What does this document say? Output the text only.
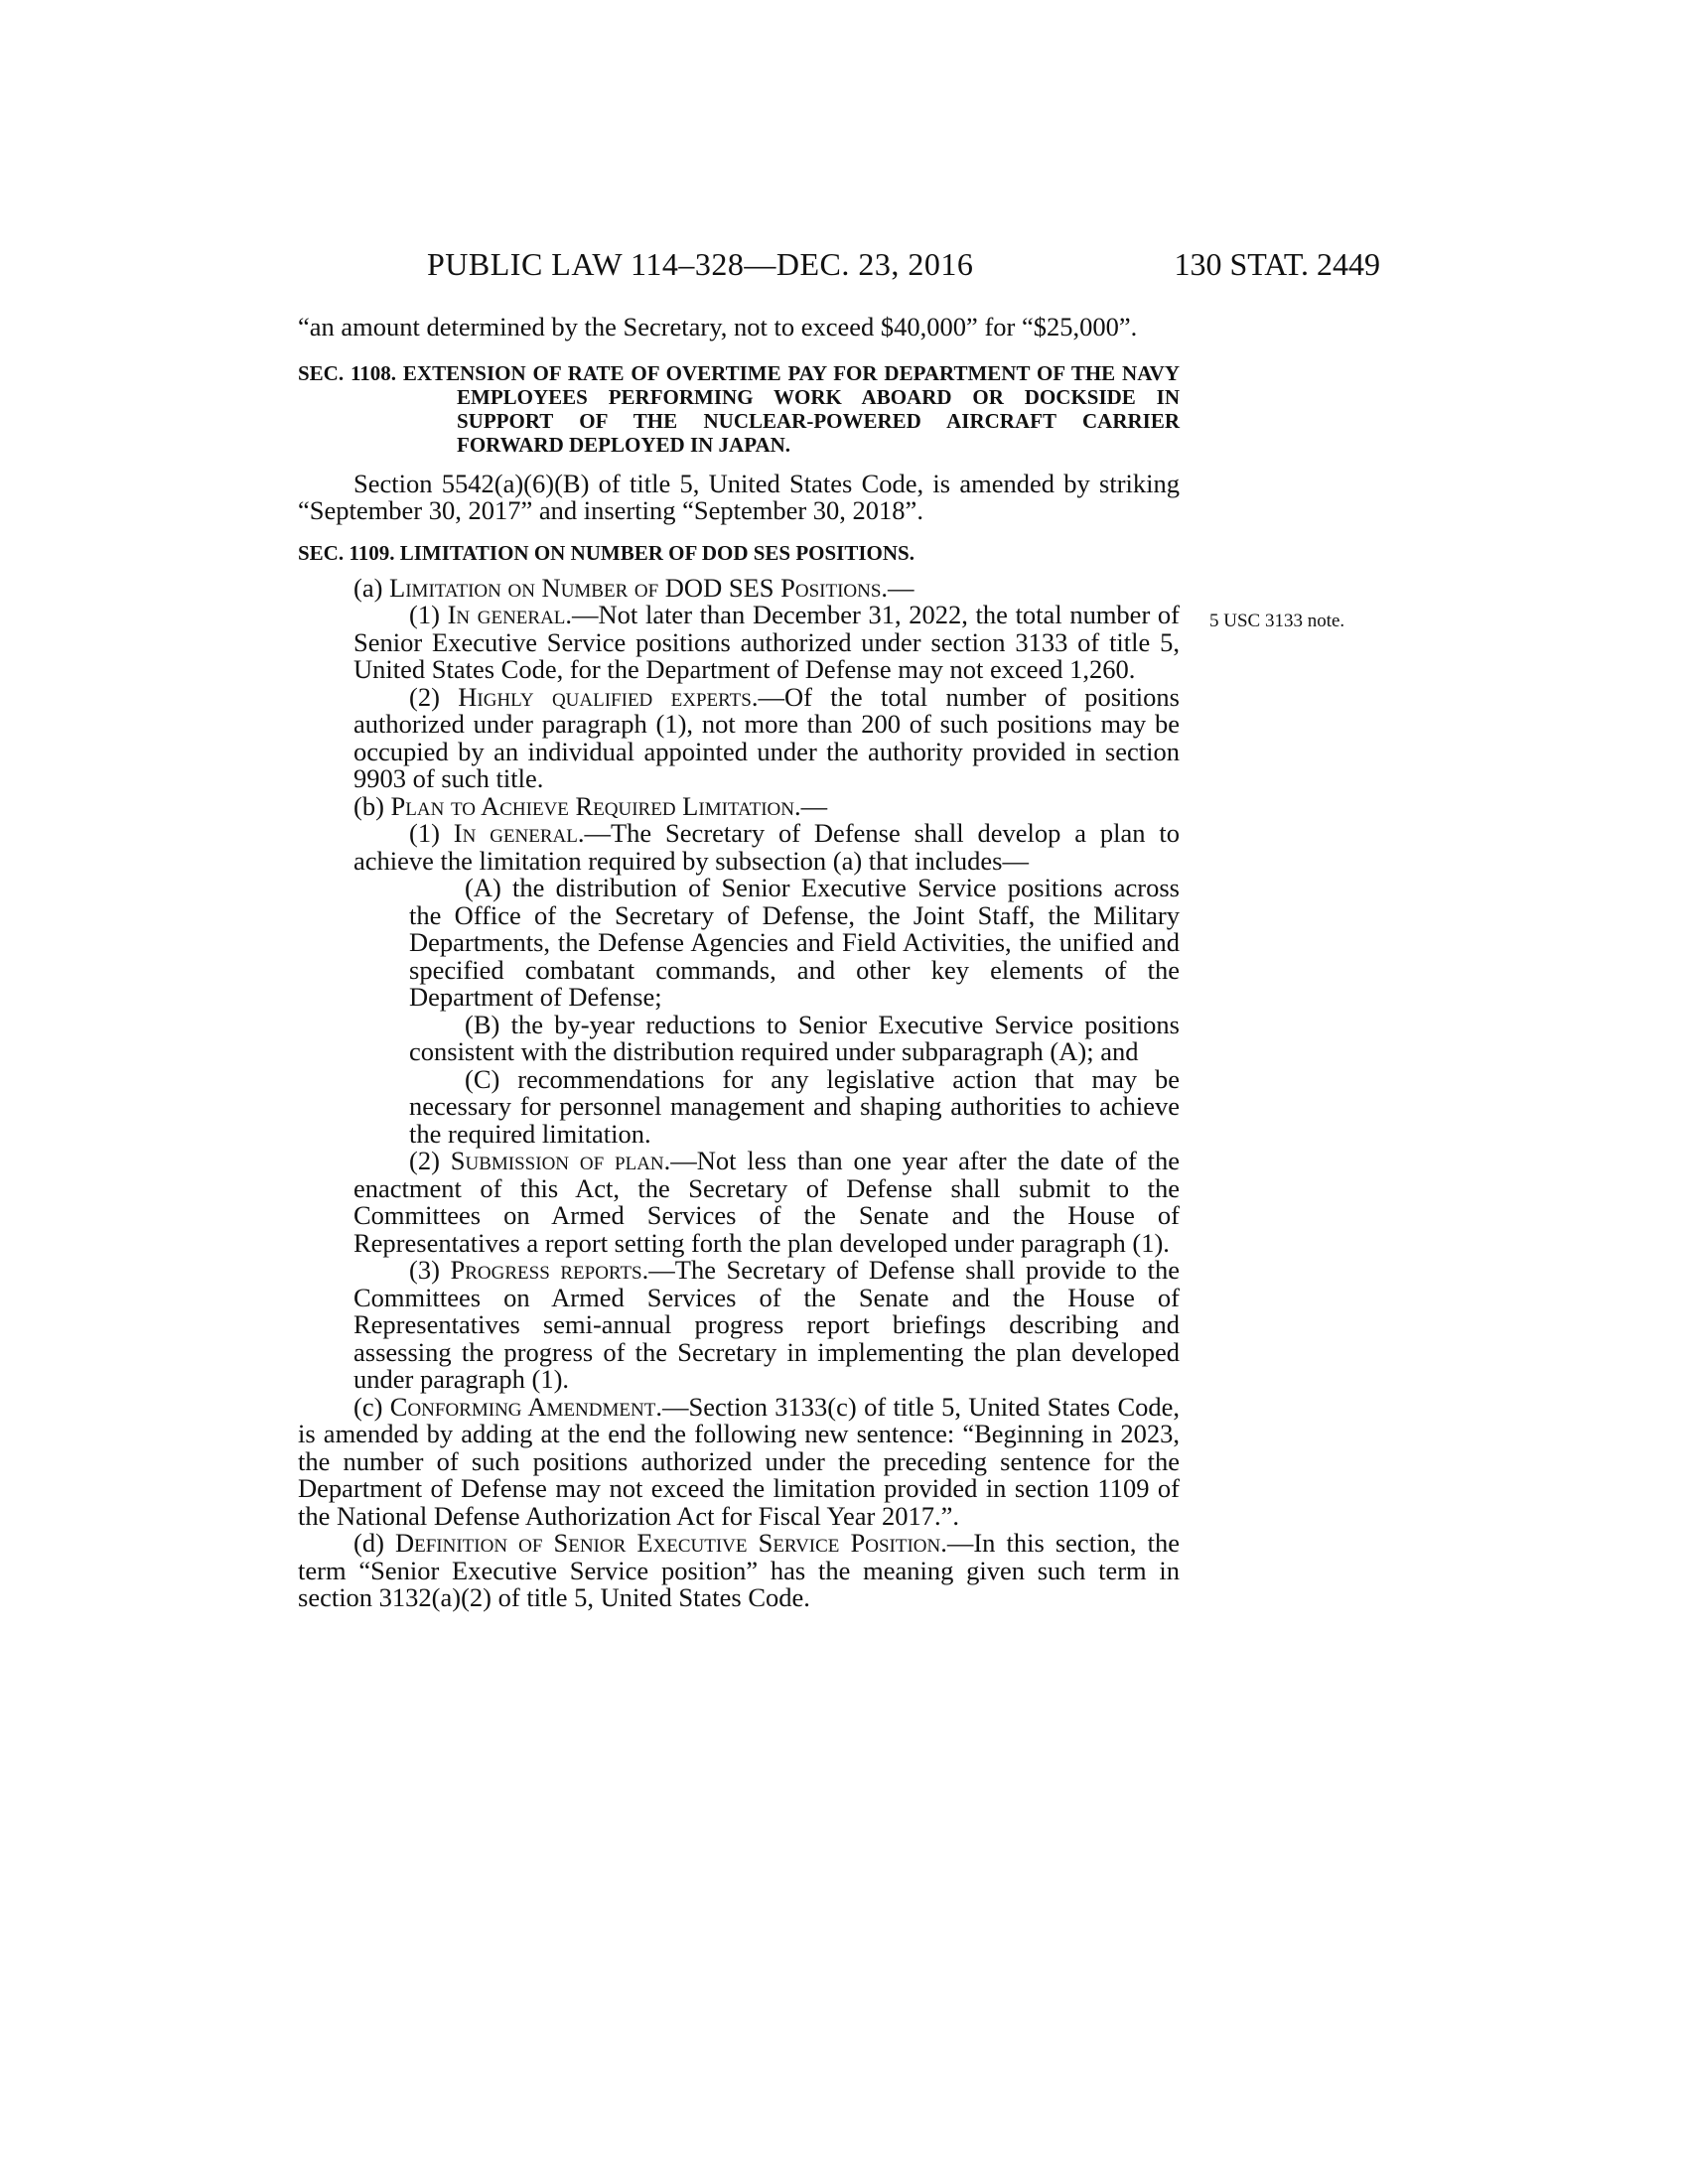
PUBLIC LAW 114–328—DEC. 23, 2016	130 STAT. 2449
5 USC 3133 note.

“an amount determined by the Secretary, not to exceed $40,000” for “$25,000”.

SEC. 1108. EXTENSION OF RATE OF OVERTIME PAY FOR DEPARTMENT OF THE NAVY EMPLOYEES PERFORMING WORK ABOARD OR DOCKSIDE IN SUPPORT OF THE NUCLEAR-POWERED AIRCRAFT CARRIER FORWARD DEPLOYED IN JAPAN.

Section 5542(a)(6)(B) of title 5, United States Code, is amended by striking “September 30, 2017” and inserting “September 30, 2018”.

SEC. 1109. LIMITATION ON NUMBER OF DOD SES POSITIONS.

(a) Limitation on Number of DOD SES Positions.—

(1) In general.—Not later than December 31, 2022, the total number of Senior Executive Service positions authorized under section 3133 of title 5, United States Code, for the Department of Defense may not exceed 1,260.

(2) Highly qualified experts.—Of the total number of positions authorized under paragraph (1), not more than 200 of such positions may be occupied by an individual appointed under the authority provided in section 9903 of such title.

(b) Plan to Achieve Required Limitation.—

(1) In general.—The Secretary of Defense shall develop a plan to achieve the limitation required by subsection (a) that includes—

(A) the distribution of Senior Executive Service positions across the Office of the Secretary of Defense, the Joint Staff, the Military Departments, the Defense Agencies and Field Activities, the unified and specified combatant commands, and other key elements of the Department of Defense;

(B) the by-year reductions to Senior Executive Service positions consistent with the distribution required under subparagraph (A); and

(C) recommendations for any legislative action that may be necessary for personnel management and shaping authorities to achieve the required limitation.

(2) Submission of plan.—Not less than one year after the date of the enactment of this Act, the Secretary of Defense shall submit to the Committees on Armed Services of the Senate and the House of Representatives a report setting forth the plan developed under paragraph (1).

(3) Progress reports.—The Secretary of Defense shall provide to the Committees on Armed Services of the Senate and the House of Representatives semi-annual progress report briefings describing and assessing the progress of the Secretary in implementing the plan developed under paragraph (1).

(c) Conforming Amendment.—Section 3133(c) of title 5, United States Code, is amended by adding at the end the following new sentence: “Beginning in 2023, the number of such positions authorized under the preceding sentence for the Department of Defense may not exceed the limitation provided in section 1109 of the National Defense Authorization Act for Fiscal Year 2017.”.

(d) Definition of Senior Executive Service Position.—In this section, the term “Senior Executive Service position” has the meaning given such term in section 3132(a)(2) of title 5, United States Code.
